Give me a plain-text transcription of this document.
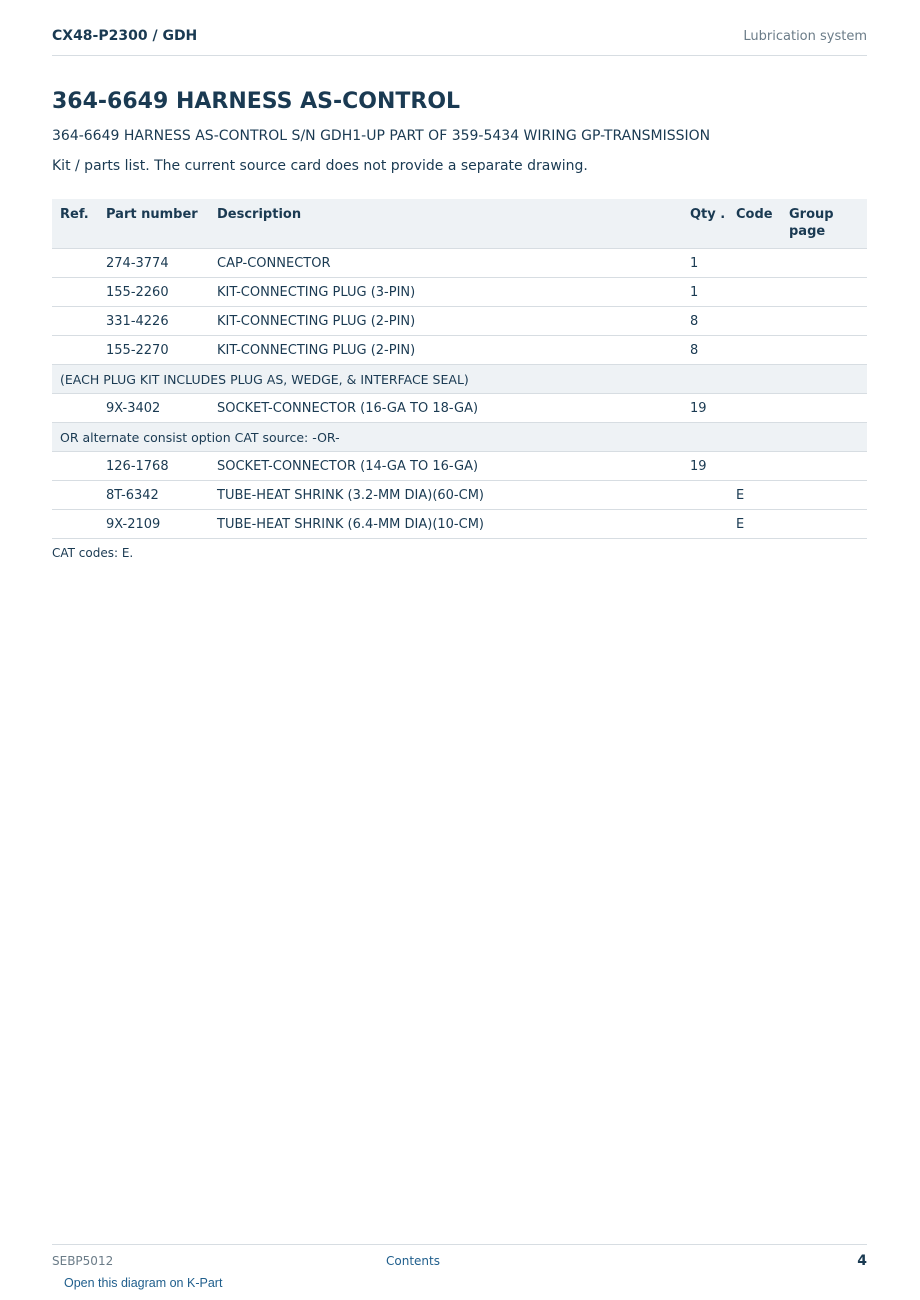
CX48-P2300 / GDH	Lubrication system
364-6649 HARNESS AS-CONTROL
364-6649 HARNESS AS-CONTROL S/N GDH1-UP PART OF 359-5434 WIRING GP-TRANSMISSION
Kit / parts list. The current source card does not provide a separate drawing.
Ref.	Part number	Description	Qty .	Code	Group page
	274-3774	CAP-CONNECTOR	1		
	155-2260	KIT-CONNECTING PLUG (3-PIN)	1		
	331-4226	KIT-CONNECTING PLUG (2-PIN)	8		
	155-2270	KIT-CONNECTING PLUG (2-PIN)	8		
(EACH PLUG KIT INCLUDES PLUG AS, WEDGE, & INTERFACE SEAL)					
	9X-3402	SOCKET-CONNECTOR (16-GA TO 18-GA)	19		
OR alternate consist option CAT source: -OR-					
	126-1768	SOCKET-CONNECTOR (14-GA TO 16-GA)	19		
	8T-6342	TUBE-HEAT SHRINK (3.2-MM DIA)(60-CM)		E	
	9X-2109	TUBE-HEAT SHRINK (6.4-MM DIA)(10-CM)		E	
CAT codes: E.
SEBP5012	Contents	4
Open this diagram on K-Part
